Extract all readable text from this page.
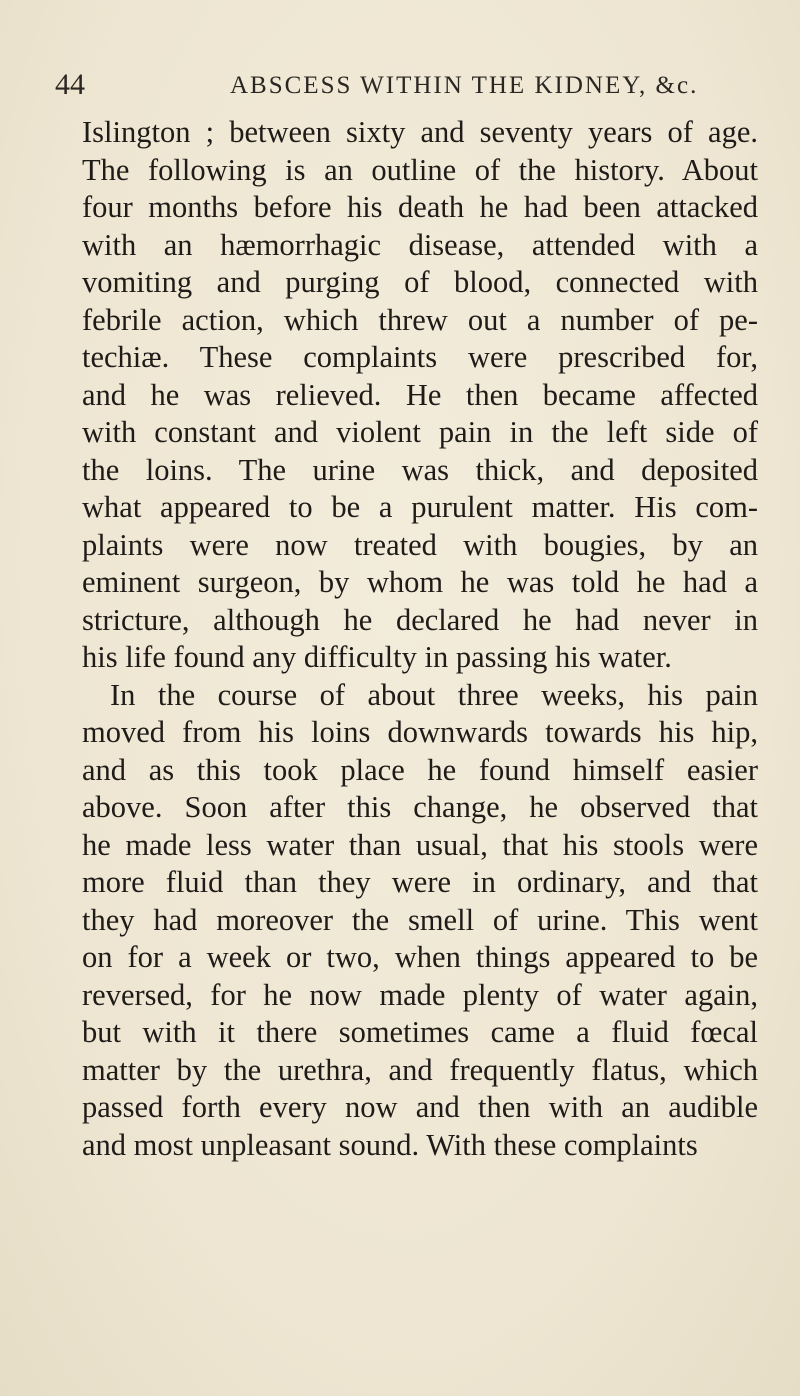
44	ABSCESS WITHIN THE KIDNEY, &c.
Islington ; between sixty and seventy years of age.
The following is an outline of the history. About
four months before his death he had been attacked
with an hæmorrhagic disease, attended with a
vomiting and purging of blood, connected with
febrile action, which threw out a number of pe-
techiæ. These complaints were prescribed for,
and he was relieved. He then became affected
with constant and violent pain in the left side of
the loins. The urine was thick, and deposited
what appeared to be a purulent matter. His com-
plaints were now treated with bougies, by an
eminent surgeon, by whom he was told he had a
stricture, although he declared he had never in
his life found any difficulty in passing his water.
In the course of about three weeks, his pain
moved from his loins downwards towards his hip,
and as this took place he found himself easier
above. Soon after this change, he observed that
he made less water than usual, that his stools were
more fluid than they were in ordinary, and that
they had moreover the smell of urine. This went
on for a week or two, when things appeared to be
reversed, for he now made plenty of water again,
but with it there sometimes came a fluid fœcal
matter by the urethra, and frequently flatus, which
passed forth every now and then with an audible
and most unpleasant sound. With these complaints
